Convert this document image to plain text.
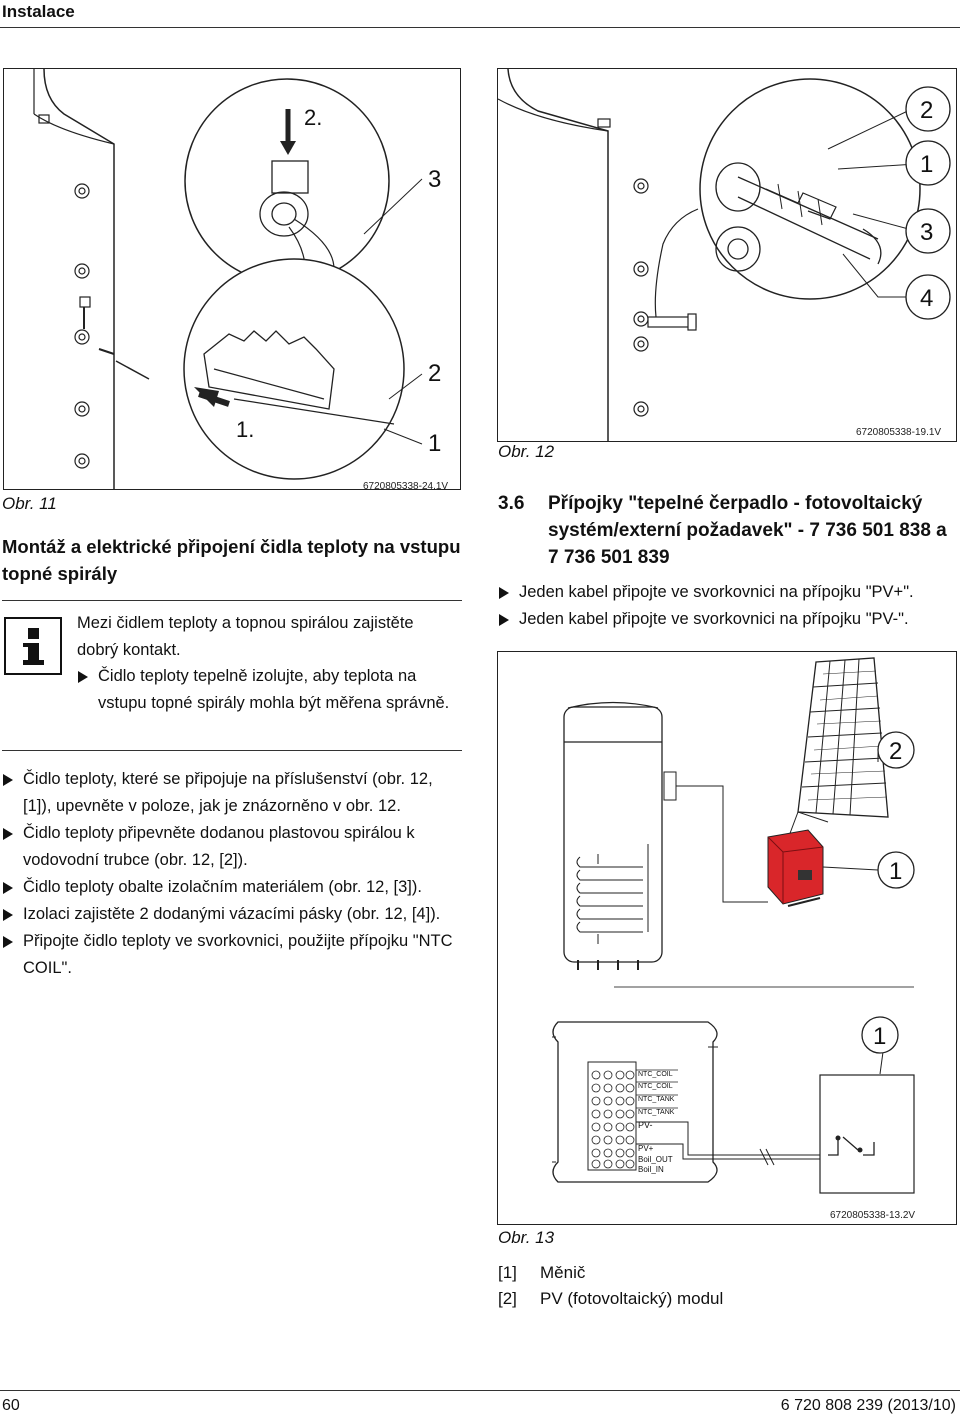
Instalace
2.
3
2
1.
1
6720805338-24.1V
Obr. 11
Montáž a elektrické připojení čidla teploty na vstupu topné spirály
Mezi čidlem teploty a topnou spirálou zajistěte dobrý kontakt.
Čidlo teploty tepelně izolujte, aby teplota na vstupu topné spirály mohla být měřena správně.
Čidlo teploty, které se připojuje na příslušenství (obr. 12, [1]), upevněte v poloze, jak je znázorněno v obr. 12.
Čidlo teploty připevněte dodanou plastovou spirálou k vodovodní trubce (obr. 12, [2]).
Čidlo teploty obalte izolačním materiálem (obr. 12, [3]).
Izolaci zajistěte 2 dodanými vázacími pásky (obr. 12, [4]).
Připojte čidlo teploty ve svorkovnici, použijte přípojku "NTC COIL".
2
1
3
4
6720805338-19.1V
Obr. 12
3.6 Přípojky "tepelné čerpadlo - fotovoltaický systém/externí požadavek" - 7 736 501 838 a 7 736 501 839
Jeden kabel připojte ve svorkovnici na přípojku "PV+".
Jeden kabel připojte ve svorkovnici na přípojku "PV-".
2
1
NTC_COIL
NTC_COIL
NTC_TANK
NTC_TANK
PV-
PV+
Boil_OUT
Boil_IN
1
6720805338-13.2V
Obr. 13
[1] Měnič
[2] PV (fotovoltaický) modul
60	6 720 808 239 (2013/10)
